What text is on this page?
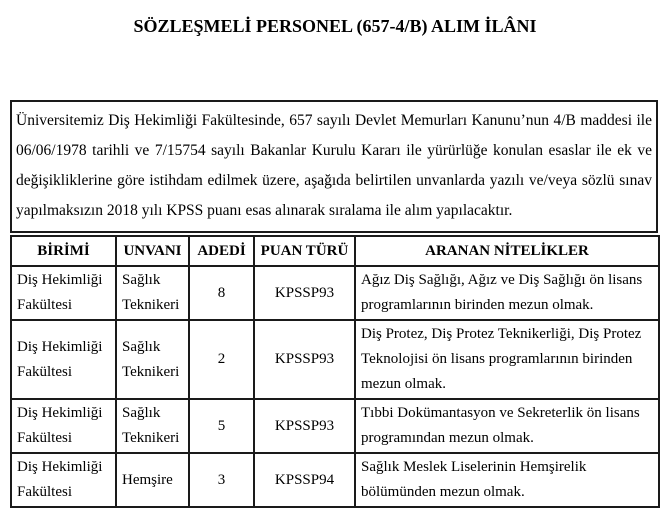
SÖZLEŞMELİ PERSONEL (657-4/B) ALIM İLÂNI

Üniversitemiz Diş Hekimliği Fakültesinde, 657 sayılı Devlet Memurları Kanunu’nun 4/B maddesi ile 06/06/1978 tarihli ve 7/15754 sayılı Bakanlar Kurulu Kararı ile yürürlüğe konulan esaslar ile ek ve değişikliklerine göre istihdam edilmek üzere, aşağıda belirtilen unvanlarda yazılı ve/veya sözlü sınav yapılmaksızın 2018 yılı KPSS puanı esas alınarak sıralama ile alım yapılacaktır.

BİRİMİ	UNVANI	ADEDİ	PUAN TÜRÜ	ARANAN NİTELİKLER
Diş Hekimliği Fakültesi	Sağlık Teknikeri	8	KPSSP93	Ağız Diş Sağlığı, Ağız ve Diş Sağlığı ön lisans programlarının birinden mezun olmak.
Diş Hekimliği Fakültesi	Sağlık Teknikeri	2	KPSSP93	Diş Protez, Diş Protez Teknikerliği, Diş Protez Teknolojisi ön lisans programlarının birinden mezun olmak.
Diş Hekimliği Fakültesi	Sağlık Teknikeri	5	KPSSP93	Tıbbi Dokümantasyon ve Sekreterlik ön lisans programından mezun olmak.
Diş Hekimliği Fakültesi	Hemşire	3	KPSSP94	Sağlık Meslek Liselerinin Hemşirelik bölümünden mezun olmak.
